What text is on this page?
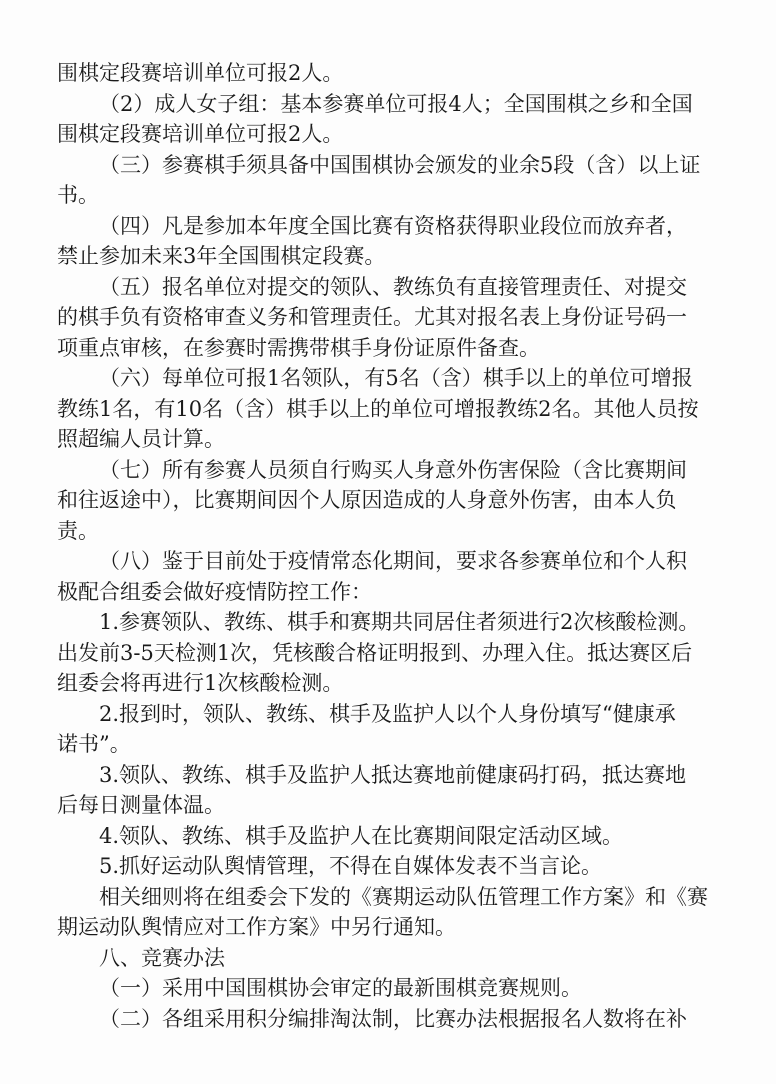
围棋定段赛培训单位可报2人。
（2）成人女子组：基本参赛单位可报4人；全国围棋之乡和全国
围棋定段赛培训单位可报2人。
（三）参赛棋手须具备中国围棋协会颁发的业余5段（含）以上证
书。
（四）凡是参加本年度全国比赛有资格获得职业段位而放弃者，
禁止参加未来3年全国围棋定段赛。
（五）报名单位对提交的领队、教练负有直接管理责任、对提交
的棋手负有资格审查义务和管理责任。尤其对报名表上身份证号码一
项重点审核，在参赛时需携带棋手身份证原件备查。
（六）每单位可报1名领队，有5名（含）棋手以上的单位可增报
教练1名，有10名（含）棋手以上的单位可增报教练2名。其他人员按
照超编人员计算。
（七）所有参赛人员须自行购买人身意外伤害保险（含比赛期间
和往返途中），比赛期间因个人原因造成的人身意外伤害，由本人负
责。
（八）鉴于目前处于疫情常态化期间，要求各参赛单位和个人积
极配合组委会做好疫情防控工作：
1.参赛领队、教练、棋手和赛期共同居住者须进行2次核酸检测。
出发前3-5天检测1次，凭核酸合格证明报到、办理入住。抵达赛区后
组委会将再进行1次核酸检测。
2.报到时，领队、教练、棋手及监护人以个人身份填写“健康承
诺书”。
3.领队、教练、棋手及监护人抵达赛地前健康码打码，抵达赛地
后每日测量体温。
4.领队、教练、棋手及监护人在比赛期间限定活动区域。
5.抓好运动队舆情管理，不得在自媒体发表不当言论。
相关细则将在组委会下发的《赛期运动队伍管理工作方案》和《赛
期运动队舆情应对工作方案》中另行通知。
八、竞赛办法
（一）采用中国围棋协会审定的最新围棋竞赛规则。
（二）各组采用积分编排淘汰制，比赛办法根据报名人数将在补
